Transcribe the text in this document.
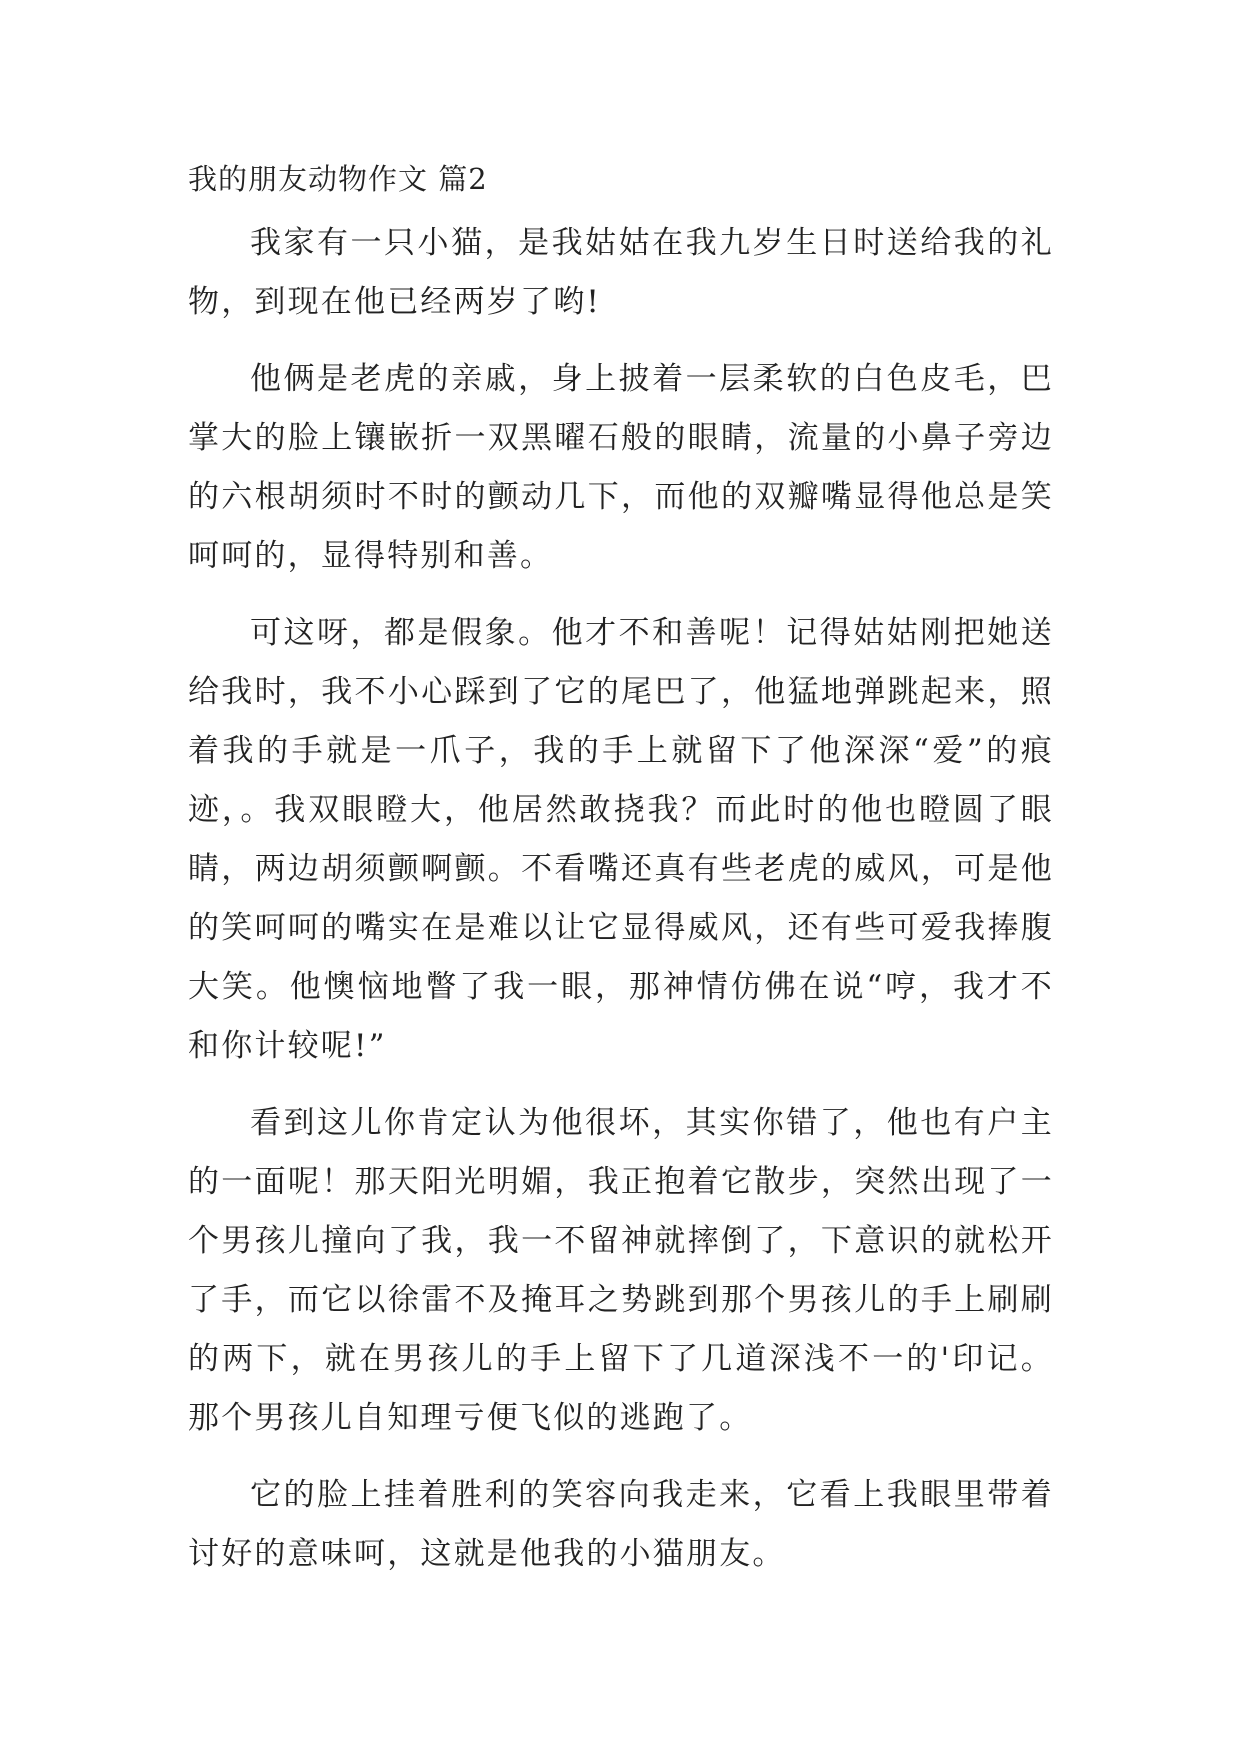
我的朋友动物作文 篇2

我家有一只小猫，是我姑姑在我九岁生日时送给我的礼物，到现在他已经两岁了哟!

他俩是老虎的亲戚，身上披着一层柔软的白色皮毛，巴掌大的脸上镶嵌折一双黑曜石般的眼睛，流量的小鼻子旁边的六根胡须时不时的颤动几下，而他的双瓣嘴显得他总是笑呵呵的，显得特别和善。

可这呀，都是假象。他才不和善呢！记得姑姑刚把她送给我时，我不小心踩到了它的尾巴了，他猛地弹跳起来，照着我的手就是一爪子，我的手上就留下了他深深“爱”的痕迹，。我双眼瞪大，他居然敢挠我？而此时的他也瞪圆了眼睛，两边胡须颤啊颤。不看嘴还真有些老虎的威风，可是他的笑呵呵的嘴实在是难以让它显得威风，还有些可爱我捧腹大笑。他懊恼地瞥了我一眼，那神情仿佛在说“哼，我才不和你计较呢!”

看到这儿你肯定认为他很坏，其实你错了，他也有户主的一面呢！那天阳光明媚，我正抱着它散步，突然出现了一个男孩儿撞向了我，我一不留神就摔倒了，下意识的就松开了手，而它以徐雷不及掩耳之势跳到那个男孩儿的手上刷刷的两下，就在男孩儿的手上留下了几道深浅不一的'印记。那个男孩儿自知理亏便飞似的逃跑了。

它的脸上挂着胜利的笑容向我走来，它看上我眼里带着讨好的意味呵，这就是他我的小猫朋友。
